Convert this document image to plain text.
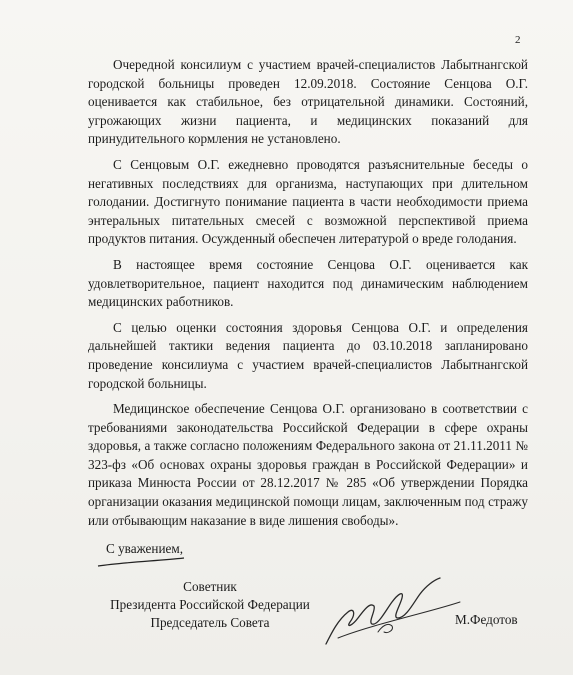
2

Очередной консилиум с участием врачей-специалистов Лабытнангской городской больницы проведен 12.09.2018. Состояние Сенцова О.Г. оценивается как стабильное, без отрицательной динамики. Состояний, угрожающих жизни пациента, и медицинских показаний для принудительного кормления не установлено.

С Сенцовым О.Г. ежедневно проводятся разъяснительные беседы о негативных последствиях для организма, наступающих при длительном голодании. Достигнуто понимание пациента в части необходимости приема энтеральных питательных смесей с возможной перспективой приема продуктов питания. Осужденный обеспечен литературой о вреде голодания.

В настоящее время состояние Сенцова О.Г. оценивается как удовлетворительное, пациент находится под динамическим наблюдением медицинских работников.

С целью оценки состояния здоровья Сенцова О.Г. и определения дальнейшей тактики ведения пациента до 03.10.2018 запланировано проведение консилиума с участием врачей-специалистов Лабытнангской городской больницы.

Медицинское обеспечение Сенцова О.Г. организовано в соответствии с требованиями законодательства Российской Федерации в сфере охраны здоровья, а также согласно положениям Федерального закона от 21.11.2011 № 323-фз «Об основах охраны здоровья граждан в Российской Федерации» и приказа Минюста России от 28.12.2017 № 285 «Об утверждении Порядка организации оказания медицинской помощи лицам, заключенным под стражу или отбывающим наказание в виде лишения свободы».

С уважением,
Советник
Президента Российской Федерации
Председатель Совета	М.Федотов
